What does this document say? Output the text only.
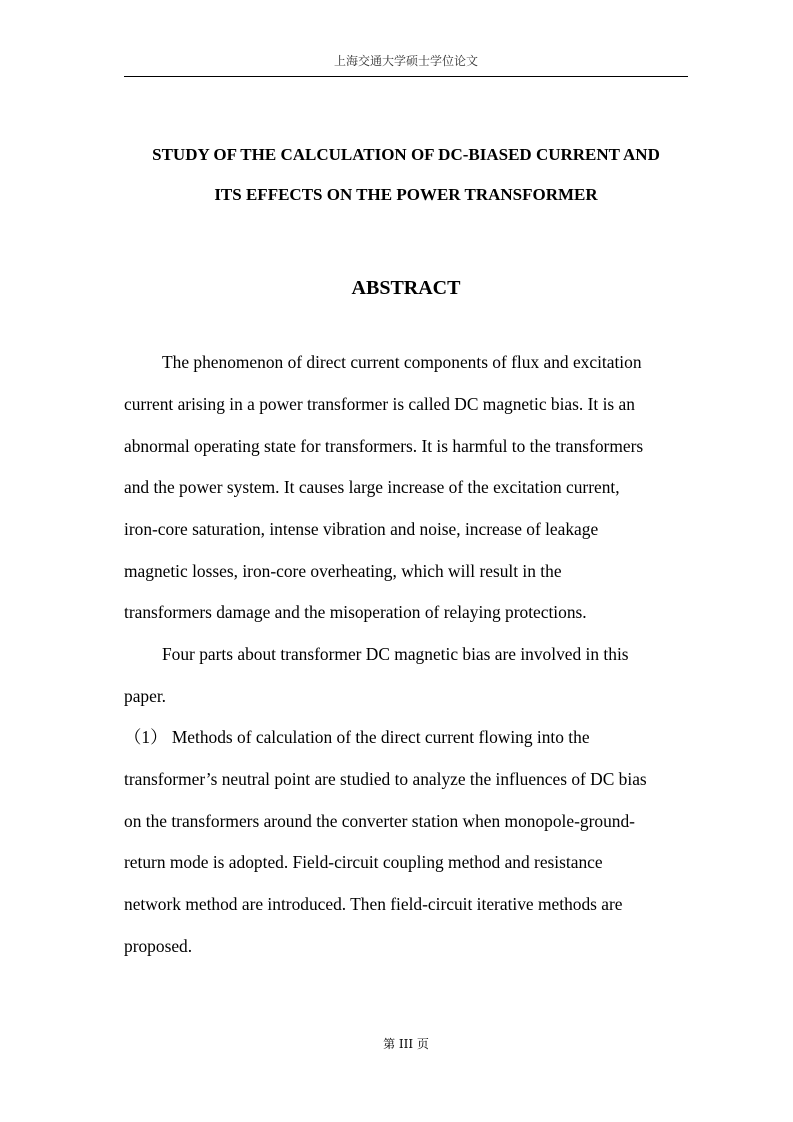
上海交通大学硕士学位论文
STUDY OF THE CALCULATION OF DC-BIASED CURRENT AND
ITS EFFECTS ON THE POWER TRANSFORMER
ABSTRACT
The phenomenon of direct current components of flux and excitation
current arising in a power transformer is called DC magnetic bias. It is an
abnormal operating state for transformers. It is harmful to the transformers
and the power system. It causes large increase of the excitation current,
iron-core saturation, intense vibration and noise, increase of leakage
magnetic losses, iron-core overheating, which will result in the
transformers damage and the misoperation of relaying protections.
Four parts about transformer DC magnetic bias are involved in this
paper.
（1） Methods of calculation of the direct current flowing into the
transformer’s neutral point are studied to analyze the influences of DC bias
on the transformers around the converter station when monopole-ground-
return mode is adopted. Field-circuit coupling method and resistance
network method are introduced. Then field-circuit iterative methods are
proposed.
第 III 页
